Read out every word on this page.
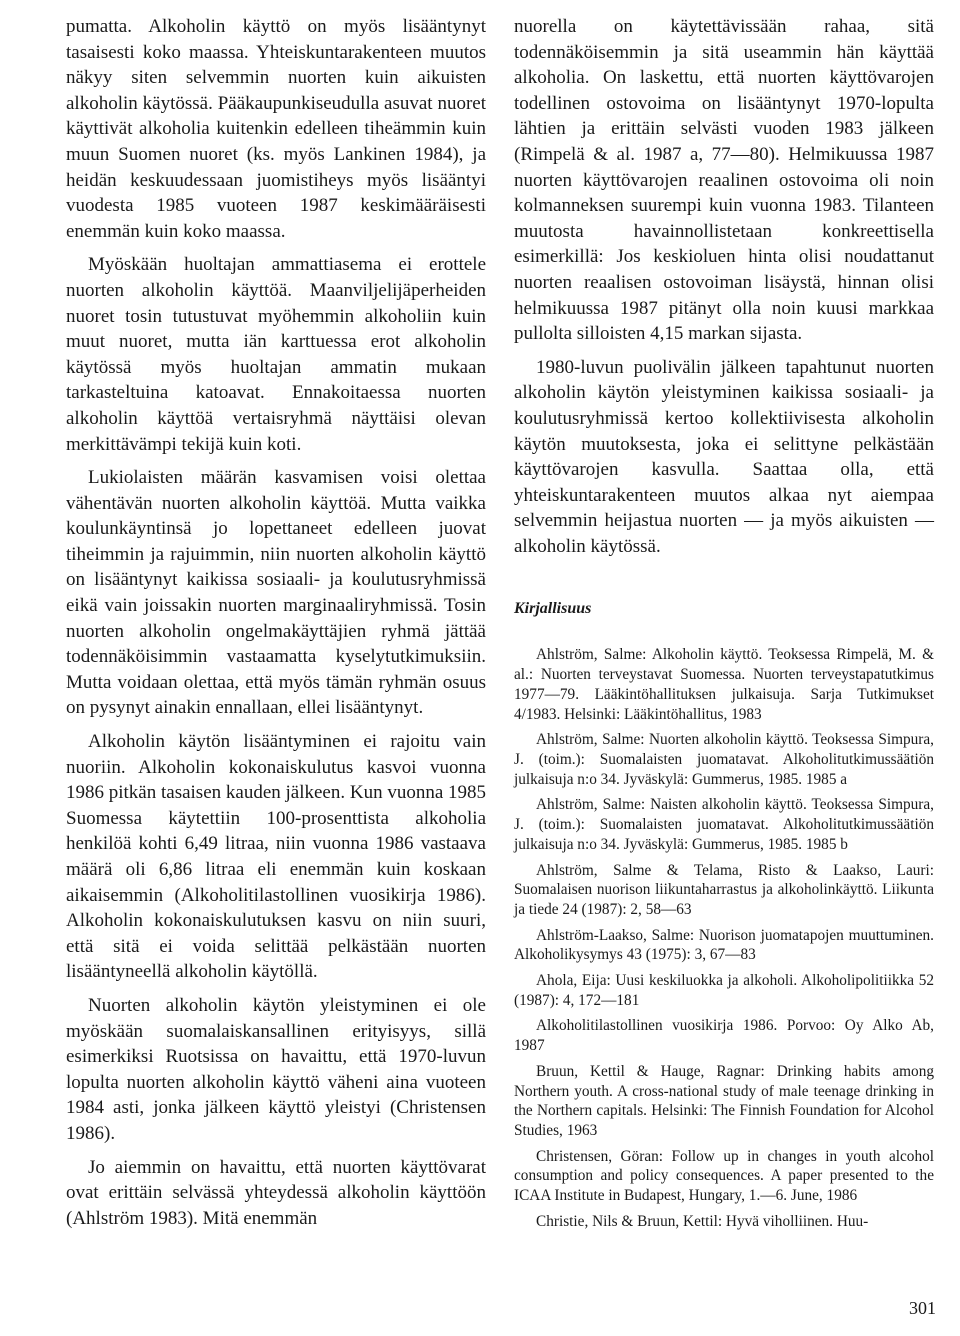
pumatta. Alkoholin käyttö on myös lisääntynyt tasaisesti koko maassa. Yhteiskuntarakenteen muutos näkyy siten selvemmin nuorten kuin aikuisten alkoholin käytössä. Pääkaupunkiseudulla asuvat nuoret käyttivät alkoholia kuitenkin edelleen tiheämmin kuin muun Suomen nuoret (ks. myös Lankinen 1984), ja heidän keskuudessaan juomistiheys myös lisääntyi vuodesta 1985 vuoteen 1987 keskimääräisesti enemmän kuin koko maassa.

Myöskään huoltajan ammattiasema ei erottele nuorten alkoholin käyttöä. Maanviljelijäperheiden nuoret tosin tutustuvat myöhemmin alkoholiin kuin muut nuoret, mutta iän karttuessa erot alkoholin käytössä myös huoltajan ammatin mukaan tarkasteltuina katoavat. Ennakoitaessa nuorten alkoholin käyttöä vertaisryhmä näyttäisi olevan merkittävämpi tekijä kuin koti.

Lukiolaisten määrän kasvamisen voisi olettaa vähentävän nuorten alkoholin käyttöä. Mutta vaikka koulunkäyntinsä jo lopettaneet edelleen juovat tiheimmin ja rajuimmin, niin nuorten alkoholin käyttö on lisääntynyt kaikissa sosiaali- ja koulutusryhmissä eikä vain joissakin nuorten marginaaliryhmissä. Tosin nuorten alkoholin ongelmakäyttäjien ryhmä jättää todennäköisimmin vastaamatta kyselytutkimuksiin. Mutta voidaan olettaa, että myös tämän ryhmän osuus on pysynyt ainakin ennallaan, ellei lisääntynyt.

Alkoholin käytön lisääntyminen ei rajoitu vain nuoriin. Alkoholin kokonaiskulutus kasvoi vuonna 1986 pitkän tasaisen kauden jälkeen. Kun vuonna 1985 Suomessa käytettiin 100-prosenttista alkoholia henkilöä kohti 6,49 litraa, niin vuonna 1986 vastaava määrä oli 6,86 litraa eli enemmän kuin koskaan aikaisemmin (Alkoholitilastollinen vuosikirja 1986). Alkoholin kokonaiskulutuksen kasvu on niin suuri, että sitä ei voida selittää pelkästään nuorten lisääntyneellä alkoholin käytöllä.

Nuorten alkoholin käytön yleistyminen ei ole myöskään suomalaiskansallinen erityisyys, sillä esimerkiksi Ruotsissa on havaittu, että 1970-luvun lopulta nuorten alkoholin käyttö väheni aina vuoteen 1984 asti, jonka jälkeen käyttö yleistyi (Christensen 1986).

Jo aiemmin on havaittu, että nuorten käyttövarat ovat erittäin selvässä yhteydessä alkoholin käyttöön (Ahlström 1983). Mitä enemmän

nuorella on käytettävissään rahaa, sitä todennäköisemmin ja sitä useammin hän käyttää alkoholia. On laskettu, että nuorten käyttövarojen todellinen ostovoima on lisääntynyt 1970-lopulta lähtien ja erittäin selvästi vuoden 1983 jälkeen (Rimpelä & al. 1987 a, 77—80). Helmikuussa 1987 nuorten käyttövarojen reaalinen ostovoima oli noin kolmanneksen suurempi kuin vuonna 1983. Tilanteen muutosta havainnollistetaan konkreettisella esimerkillä: Jos keskioluen hinta olisi noudattanut nuorten reaalisen ostovoiman lisäystä, hinnan olisi helmikuussa 1987 pitänyt olla noin kuusi markkaa pullolta silloisten 4,15 markan sijasta.

1980-luvun puolivälin jälkeen tapahtunut nuorten alkoholin käytön yleistyminen kaikissa sosiaali- ja koulutusryhmissä kertoo kollektiivisesta alkoholin käytön muutoksesta, joka ei selittyne pelkästään käyttövarojen kasvulla. Saattaa olla, että yhteiskuntarakenteen muutos alkaa nyt aiempaa selvemmin heijastua nuorten — ja myös aikuisten — alkoholin käytössä.

Kirjallisuus

Ahlström, Salme: Alkoholin käyttö. Teoksessa Rimpelä, M. & al.: Nuorten terveystavat Suomessa. Nuorten terveystapatutkimus 1977—79. Lääkintöhallituksen julkaisuja. Sarja Tutkimukset 4/1983. Helsinki: Lääkintöhallitus, 1983

Ahlström, Salme: Nuorten alkoholin käyttö. Teoksessa Simpura, J. (toim.): Suomalaisten juomatavat. Alkoholitutkimussäätiön julkaisuja n:o 34. Jyväskylä: Gummerus, 1985. 1985 a

Ahlström, Salme: Naisten alkoholin käyttö. Teoksessa Simpura, J. (toim.): Suomalaisten juomatavat. Alkoholitutkimussäätiön julkaisuja n:o 34. Jyväskylä: Gummerus, 1985. 1985 b

Ahlström, Salme & Telama, Risto & Laakso, Lauri: Suomalaisen nuorison liikuntaharrastus ja alkoholinkäyttö. Liikunta ja tiede 24 (1987): 2, 58—63

Ahlström-Laakso, Salme: Nuorison juomatapojen muuttuminen. Alkoholikysymys 43 (1975): 3, 67—83

Ahola, Eija: Uusi keskiluokka ja alkoholi. Alkoholipolitiikka 52 (1987): 4, 172—181

Alkoholitilastollinen vuosikirja 1986. Porvoo: Oy Alko Ab, 1987

Bruun, Kettil & Hauge, Ragnar: Drinking habits among Northern youth. A cross-national study of male teenage drinking in the Northern capitals. Helsinki: The Finnish Foundation for Alcohol Studies, 1963

Christensen, Göran: Follow up in changes in youth alcohol consumption and policy consequences. A paper presented to the ICAA Institute in Budapest, Hungary, 1.—6. June, 1986

Christie, Nils & Bruun, Kettil: Hyvä viholliinen. Huu-

301
